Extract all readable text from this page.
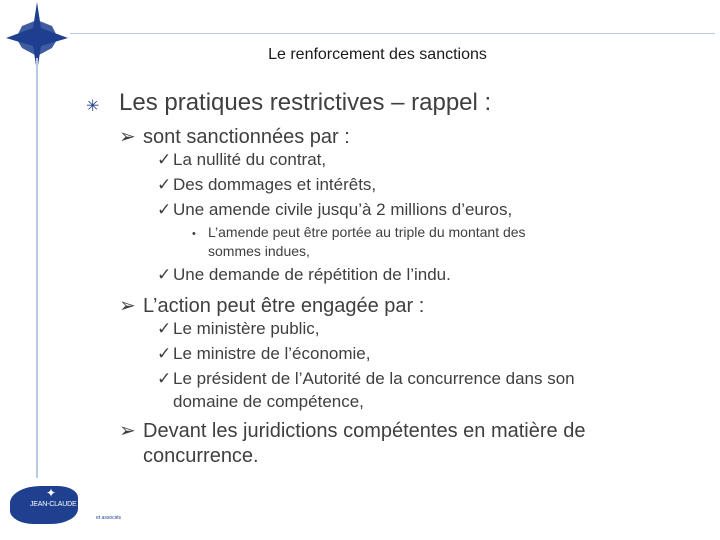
Le renforcement des sanctions
✳ Les pratiques restrictives – rappel :
➢ sont sanctionnées par :
✓ La nullité du contrat,
✓ Des dommages et intérêts,
✓ Une amende civile jusqu’à 2 millions d’euros,
• L’amende peut être portée au triple du montant des
sommes indues,
✓ Une demande de répétition de l’indu.
➢ L’action peut être engagée par :
✓ Le ministère public,
✓ Le ministre de l’économie,
✓ Le président de l’Autorité de la concurrence dans son
domaine de compétence,
➢ Devant les juridictions compétentes en matière de
concurrence.
✦
JEAN-CLAUDE COULON
et associés
